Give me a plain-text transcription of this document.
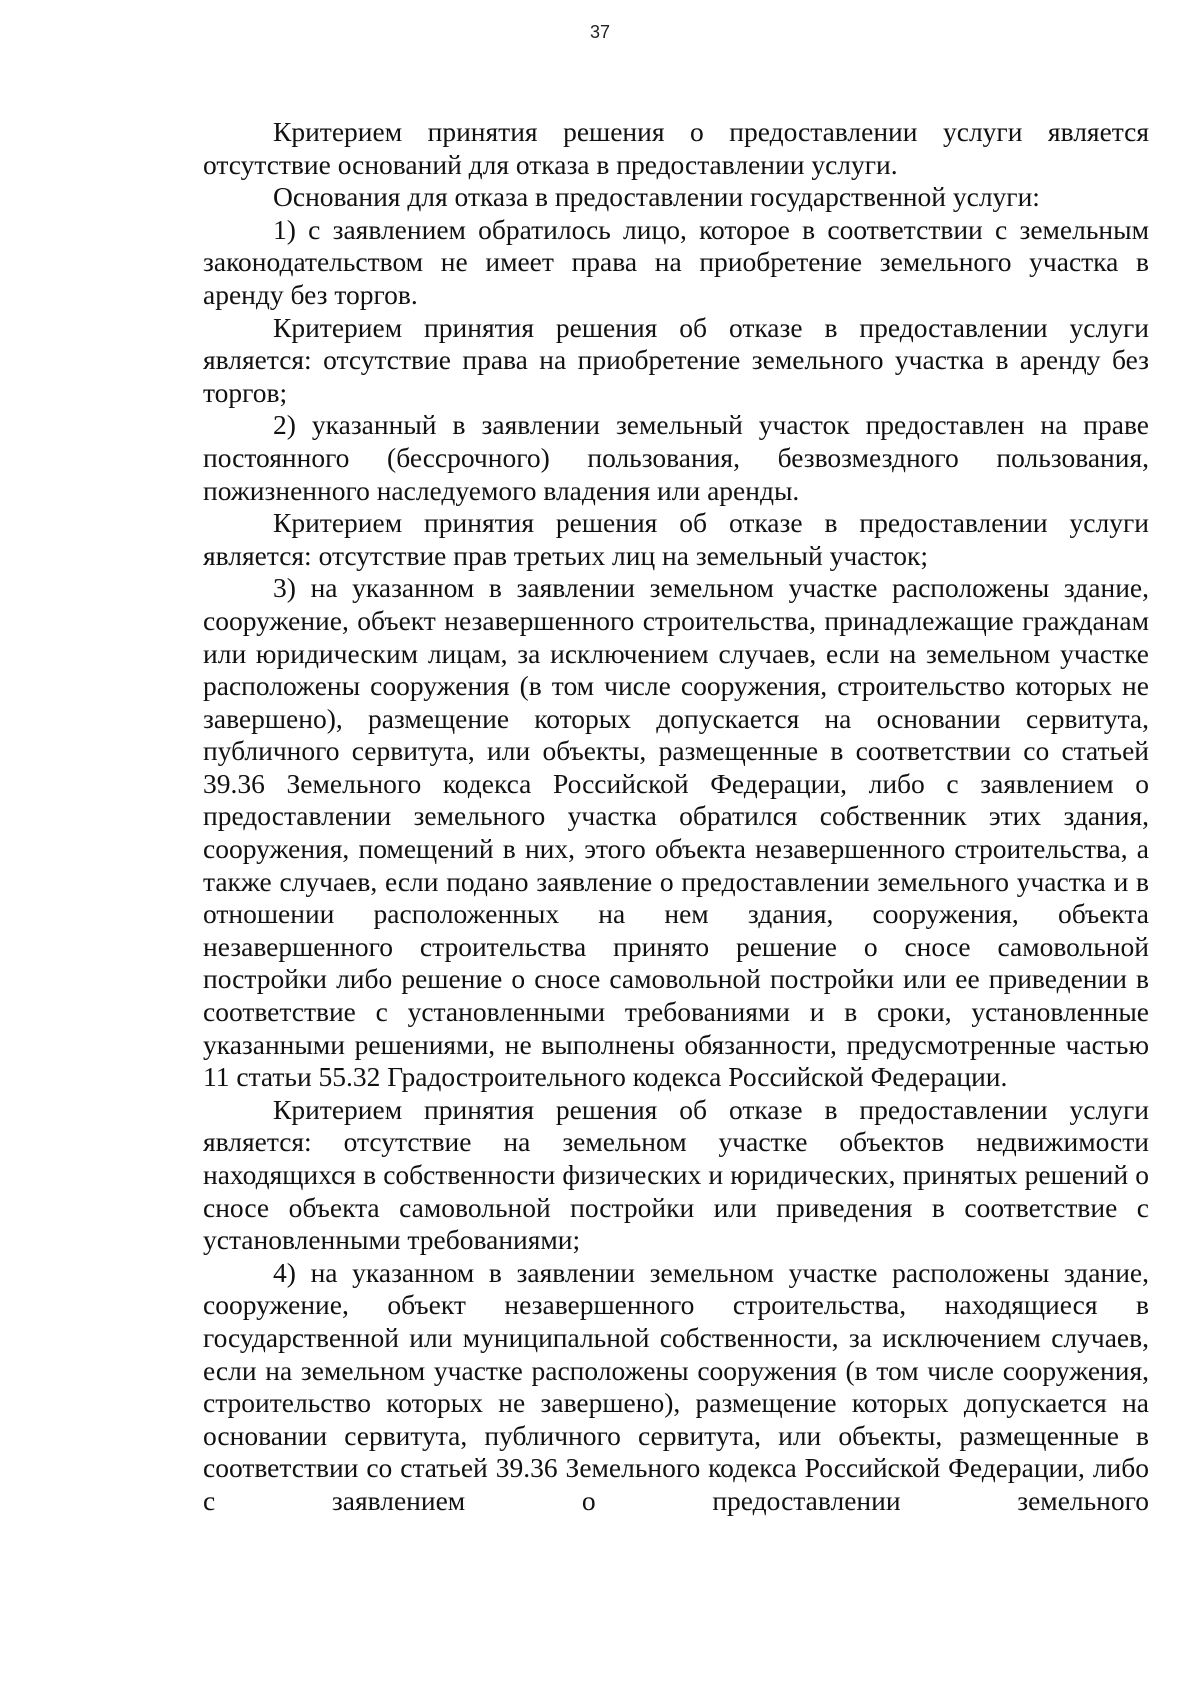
37

Критерием принятия решения о предоставлении услуги является отсутствие оснований для отказа в предоставлении услуги.

Основания для отказа в предоставлении государственной услуги:

1) с заявлением обратилось лицо, которое в соответствии с земельным законодательством не имеет права на приобретение земельного участка в аренду без торгов.

Критерием принятия решения об отказе в предоставлении услуги является: отсутствие права на приобретение земельного участка в аренду без торгов;

2) указанный в заявлении земельный участок предоставлен на праве постоянного (бессрочного) пользования, безвозмездного пользования, пожизненного наследуемого владения или аренды.

Критерием принятия решения об отказе в предоставлении услуги является: отсутствие прав третьих лиц на земельный участок;

3) на указанном в заявлении земельном участке расположены здание, сооружение, объект незавершенного строительства, принадлежащие гражданам или юридическим лицам, за исключением случаев, если на земельном участке расположены сооружения (в том числе сооружения, строительство которых не завершено), размещение которых допускается на основании сервитута, публичного сервитута, или объекты, размещенные в соответствии со статьей 39.36 Земельного кодекса Российской Федерации, либо с заявлением о предоставлении земельного участка обратился собственник этих здания, сооружения, помещений в них, этого объекта незавершенного строительства, а также случаев, если подано заявление о предоставлении земельного участка и в отношении расположенных на нем здания, сооружения, объекта незавершенного строительства принято решение о сносе самовольной постройки либо решение о сносе самовольной постройки или ее приведении в соответствие с установленными требованиями и в сроки, установленные указанными решениями, не выполнены обязанности, предусмотренные частью 11 статьи 55.32 Градостроительного кодекса Российской Федерации.

Критерием принятия решения об отказе в предоставлении услуги является: отсутствие на земельном участке объектов недвижимости находящихся в собственности физических и юридических, принятых решений о сносе объекта самовольной постройки или приведения в соответствие с установленными требованиями;

4) на указанном в заявлении земельном участке расположены здание, сооружение, объект незавершенного строительства, находящиеся в государственной или муниципальной собственности, за исключением случаев, если на земельном участке расположены сооружения (в том числе сооружения, строительство которых не завершено), размещение которых допускается на основании сервитута, публичного сервитута, или объекты, размещенные в соответствии со статьей 39.36 Земельного кодекса Российской Федерации, либо с заявлением о предоставлении земельного
